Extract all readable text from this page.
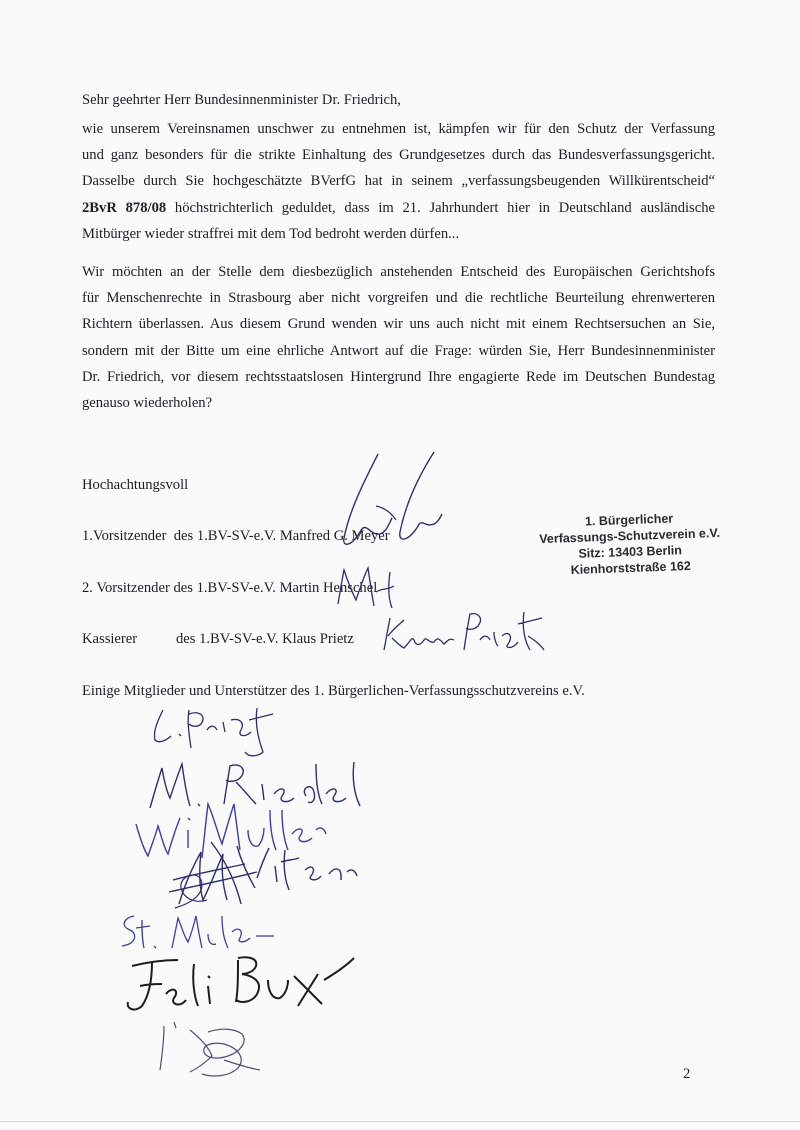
Sehr geehrter Herr Bundesinnenminister Dr. Friedrich,
wie unserem Vereinsnamen unschwer zu entnehmen ist, kämpfen wir für den Schutz der Verfassung
und ganz besonders für die strikte Einhaltung des Grundgesetzes durch das Bundesverfassungsgericht.
Dasselbe durch Sie hochgeschätzte BVerfG hat in seinem „verfassungsbeugenden Willkürentscheid“
2BvR 878/08 höchstrichterlich geduldet, dass im 21. Jahrhundert hier in Deutschland ausländische
Mitbürger wieder straffrei mit dem Tod bedroht werden dürfen...
Wir möchten an der Stelle dem diesbezüglich anstehenden Entscheid des Europäischen Gerichtshofs
für Menschenrechte in Strasbourg aber nicht vorgreifen und die rechtliche Beurteilung ehrenwerteren
Richtern überlassen. Aus diesem Grund wenden wir uns auch nicht mit einem Rechtsersuchen an Sie,
sondern mit der Bitte um eine ehrliche Antwort auf die Frage: würden Sie, Herr Bundesinnenminister
Dr. Friedrich, vor diesem rechtsstaatslosen Hintergrund Ihre engagierte Rede im Deutschen Bundestag
genauso wiederholen?
Hochachtungsvoll
1.Vorsitzender des 1.BV-SV-e.V. Manfred G. Meyer
2. Vorsitzender des 1.BV-SV-e.V. Martin Henschel
Kassierer	des 1.BV-SV-e.V. Klaus Prietz
Einige Mitglieder und Unterstützer des 1. Bürgerlichen-Verfassungsschutzvereins e.V.
1. Bürgerlicher
Verfassungs-Schutzverein e.V.
Sitz: 13403 Berlin
Kienhorststraße 162
2
